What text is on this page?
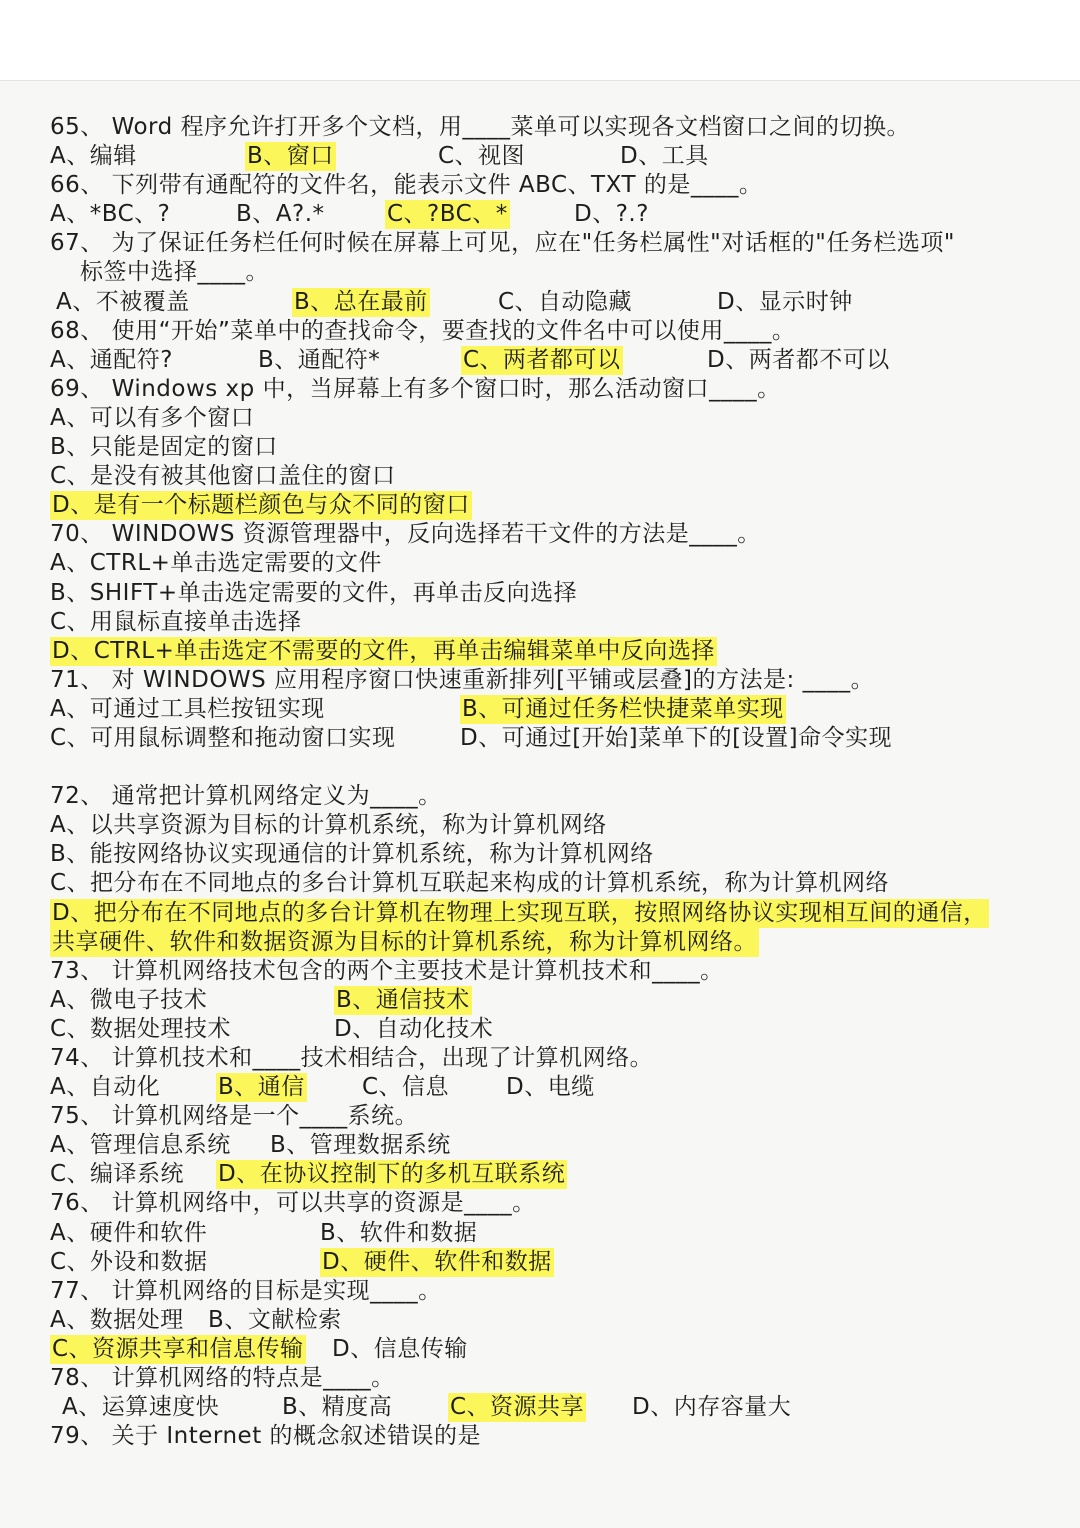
65、 Word 程序允许打开多个文档，用____菜单可以实现各文档窗口之间的切换。
A、编辑	B、窗口	C、视图	D、工具
66、 下列带有通配符的文件名，能表示文件 ABC、TXT 的是____。
A、*BC、?	B、A?.*	C、?BC、*	D、?.?
67、 为了保证任务栏任何时候在屏幕上可见，应在"任务栏属性"对话框的"任务栏选项"
标签中选择____。
A、不被覆盖	B、总在最前	C、自动隐藏	D、显示时钟
68、 使用“开始”菜单中的查找命令，要查找的文件名中可以使用____。
A、通配符?	B、通配符*	C、两者都可以	D、两者都不可以
69、 Windows xp 中，当屏幕上有多个窗口时，那么活动窗口____。
A、可以有多个窗口
B、只能是固定的窗口
C、是没有被其他窗口盖住的窗口
D、是有一个标题栏颜色与众不同的窗口
70、 WINDOWS 资源管理器中，反向选择若干文件的方法是____。
A、CTRL+单击选定需要的文件
B、SHIFT+单击选定需要的文件，再单击反向选择
C、用鼠标直接单击选择
D、CTRL+单击选定不需要的文件，再单击编辑菜单中反向选择
71、 对 WINDOWS 应用程序窗口快速重新排列[平铺或层叠]的方法是: ____。
A、可通过工具栏按钮实现	B、可通过任务栏快捷菜单实现
C、可用鼠标调整和拖动窗口实现	D、可通过[开始]菜单下的[设置]命令实现
72、 通常把计算机网络定义为____。
A、以共享资源为目标的计算机系统，称为计算机网络
B、能按网络协议实现通信的计算机系统，称为计算机网络
C、把分布在不同地点的多台计算机互联起来构成的计算机系统，称为计算机网络
D、把分布在不同地点的多台计算机在物理上实现互联，按照网络协议实现相互间的通信，
共享硬件、软件和数据资源为目标的计算机系统，称为计算机网络。
73、 计算机网络技术包含的两个主要技术是计算机技术和____。
A、微电子技术	B、通信技术
C、数据处理技术	D、自动化技术
74、 计算机技术和____技术相结合，出现了计算机网络。
A、自动化	B、通信 C、信息 D、电缆
75、 计算机网络是一个____系统。
A、管理信息系统 B、管理数据系统
C、编译系统 D、在协议控制下的多机互联系统
76、 计算机网络中，可以共享的资源是____。
A、硬件和软件	B、软件和数据
C、外设和数据	D、硬件、软件和数据
77、 计算机网络的目标是实现____。
A、数据处理 B、文献检索
C、资源共享和信息传输 D、信息传输
78、 计算机网络的特点是____。
A、运算速度快	B、精度高	C、资源共享 D、内存容量大
79、 关于 Internet 的概念叙述错误的是
